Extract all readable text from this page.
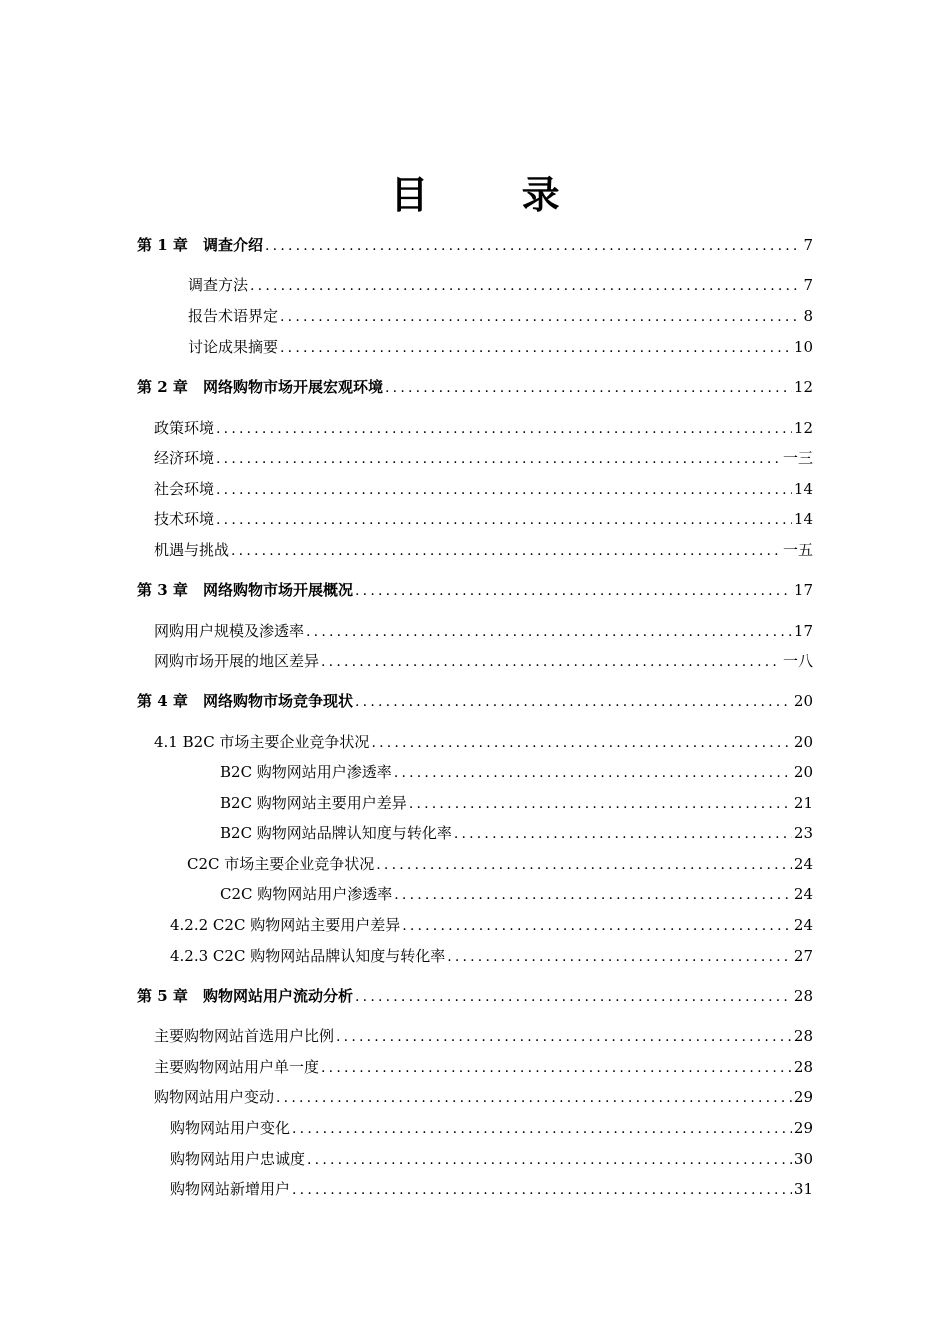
目 录
第 1 章 调查介绍 .....	7
调查方法 .....	7
报告术语界定 .....	8
讨论成果摘要 .....	10
第 2 章 网络购物市场开展宏观环境 .....	12
政策环境 .....	12
经济环境 .....	一三
社会环境 .....	14
技术环境 .....	14
机遇与挑战 .....	一五
第 3 章 网络购物市场开展概况 .....	17
网购用户规模及渗透率 .....	17
网购市场开展的地区差异 .....	一八
第 4 章 网络购物市场竞争现状 .....	20
4.1 B2C 市场主要企业竞争状况 .....	20
B2C 购物网站用户渗透率 .....	20
B2C 购物网站主要用户差异 .....	21
B2C 购物网站品牌认知度与转化率 .....	23
C2C 市场主要企业竞争状况 .....	24
C2C 购物网站用户渗透率 .....	24
4.2.2 C2C 购物网站主要用户差异 .....	24
4.2.3 C2C 购物网站品牌认知度与转化率 .....	27
第 5 章 购物网站用户流动分析 .....	28
主要购物网站首选用户比例 .....	28
主要购物网站用户单一度 .....	28
购物网站用户变动 .....	29
购物网站用户变化 .....	29
购物网站用户忠诚度 .....	30
购物网站新增用户 .....	31
